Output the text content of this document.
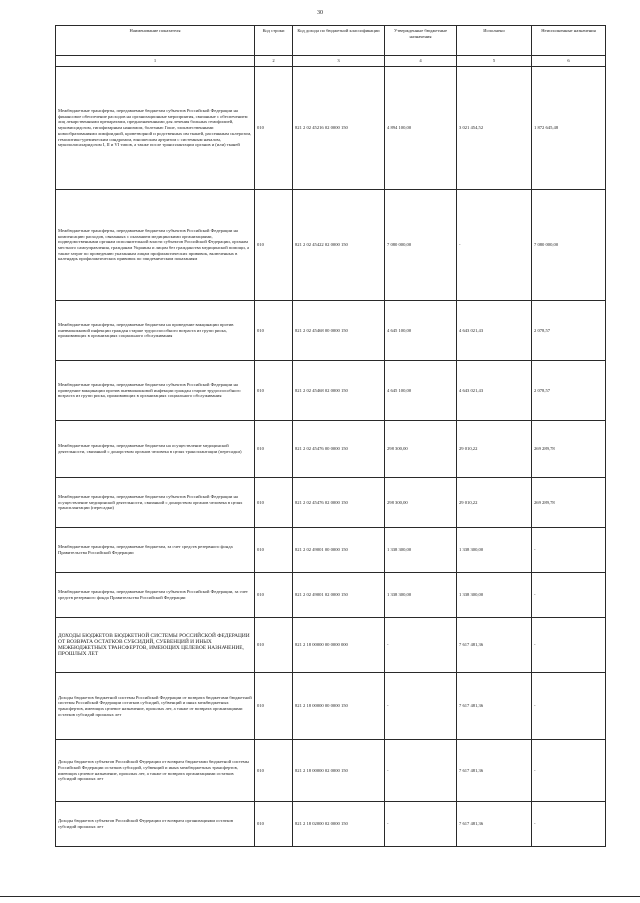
30
Наименование показателя	Код строки	Код дохода по бюджетной классификации	Утвержденные бюджетные назначения	Исполнено	Неисполненные назначения
1	2	3	4	5	6
Межбюджетные трансферты, передаваемые бюджетам субъектов Российской Федерации на финансовое обеспечение расходов на организационные мероприятия, связанные с обеспечением лиц лекарственными препаратами, предназначенными для лечения больных гемофилией, муковисцидозом, гипофизарным нанизмом, болезнью Гоше, злокачественными новообразованиями лимфоидной, кроветворной и родственных им тканей, рассеянным склерозом, гемолитико-уремическим синдромом, юношеским артритом с системным началом, мукополисахаридозом I, II и VI типов, а также после трансплантации органов и (или) тканей	010	821 2 02 45216 02 0000 150	4 894 100,00	3 021 454,52	1 872 645,48
Межбюджетные трансферты, передаваемые бюджетам субъектов Российской Федерации на компенсацию расходов, связанных с оказанием медицинскими организациями, подведомственными органам исполнительной власти субъектов Российской Федерации, органам местного самоуправления, гражданам Украины и лицам без гражданства медицинской помощи, а также затрат по проведению указанным лицам профилактических прививок, включенных в календарь профилактических прививок по эпидемическим показаниям	010	821 2 02 45422 02 0000 150	7 080 000,00	-	7 080 000,00
Межбюджетные трансферты, передаваемые бюджетам на проведение вакцинации против пневмококковой инфекции граждан старше трудоспособного возраста из групп риска, проживающих в организациях социального обслуживания	010	821 2 02 45468 00 0000 150	4 645 100,00	4 643 021,43	2 078,57
Межбюджетные трансферты, передаваемые бюджетам субъектов Российской Федерации на проведение вакцинации против пневмококковой инфекции граждан старше трудоспособного возраста из групп риска, проживающих в организациях социального обслуживания	010	821 2 02 45468 02 0000 150	4 645 100,00	4 643 021,43	2 078,57
Межбюджетные трансферты, передаваемые бюджетам на осуществление медицинской деятельности, связанной с донорством органов человека в целях трансплантации (пересадки)	010	821 2 02 45476 00 0000 150	298 300,00	29 010,22	269 289,78
Межбюджетные трансферты, передаваемые бюджетам субъектов Российской Федерации на осуществление медицинской деятельности, связанной с донорством органов человека в целях трансплантации (пересадки)	010	821 2 02 45476 02 0000 150	298 300,00	29 010,22	269 289,78
Межбюджетные трансферты, передаваемые бюджетам, за счет средств резервного фонда Правительства Российской Федерации	010	821 2 02 49001 00 0000 150	1 338 300,00	1 338 300,00	-
Межбюджетные трансферты, передаваемые бюджетам субъектов Российской Федерации, за счет средств резервного фонда Правительства Российской Федерации	010	821 2 02 49001 02 0000 150	1 338 300,00	1 338 300,00	-
ДОХОДЫ БЮДЖЕТОВ БЮДЖЕТНОЙ СИСТЕМЫ РОССИЙСКОЙ ФЕДЕРАЦИИ ОТ ВОЗВРАТА ОСТАТКОВ СУБСИДИЙ, СУБВЕНЦИЙ И ИНЫХ МЕЖБЮДЖЕТНЫХ ТРАНСФЕРТОВ, ИМЕЮЩИХ ЦЕЛЕВОЕ НАЗНАЧЕНИЕ, ПРОШЛЫХ ЛЕТ	010	821 2 18 00000 00 0000 000	-	7 617 481,36	-
Доходы бюджетов бюджетной системы Российской Федерации от возврата бюджетами бюджетной системы Российской Федерации остатков субсидий, субвенций и иных межбюджетных трансфертов, имеющих целевое назначение, прошлых лет, а также от возврата организациями остатков субсидий прошлых лет	010	821 2 18 00000 00 0000 150	-	7 617 481,36	-
Доходы бюджетов субъектов Российской Федерации от возврата бюджетами бюджетной системы Российской Федерации остатков субсидий, субвенций и иных межбюджетных трансфертов, имеющих целевое назначение, прошлых лет, а также от возврата организациями остатков субсидий прошлых лет	010	821 2 18 00000 02 0000 150	-	7 617 481,36	-
Доходы бюджетов субъектов Российской Федерации от возврата организациями остатков субсидий прошлых лет	010	821 2 18 02000 02 0000 150	-	7 617 481,36	-
